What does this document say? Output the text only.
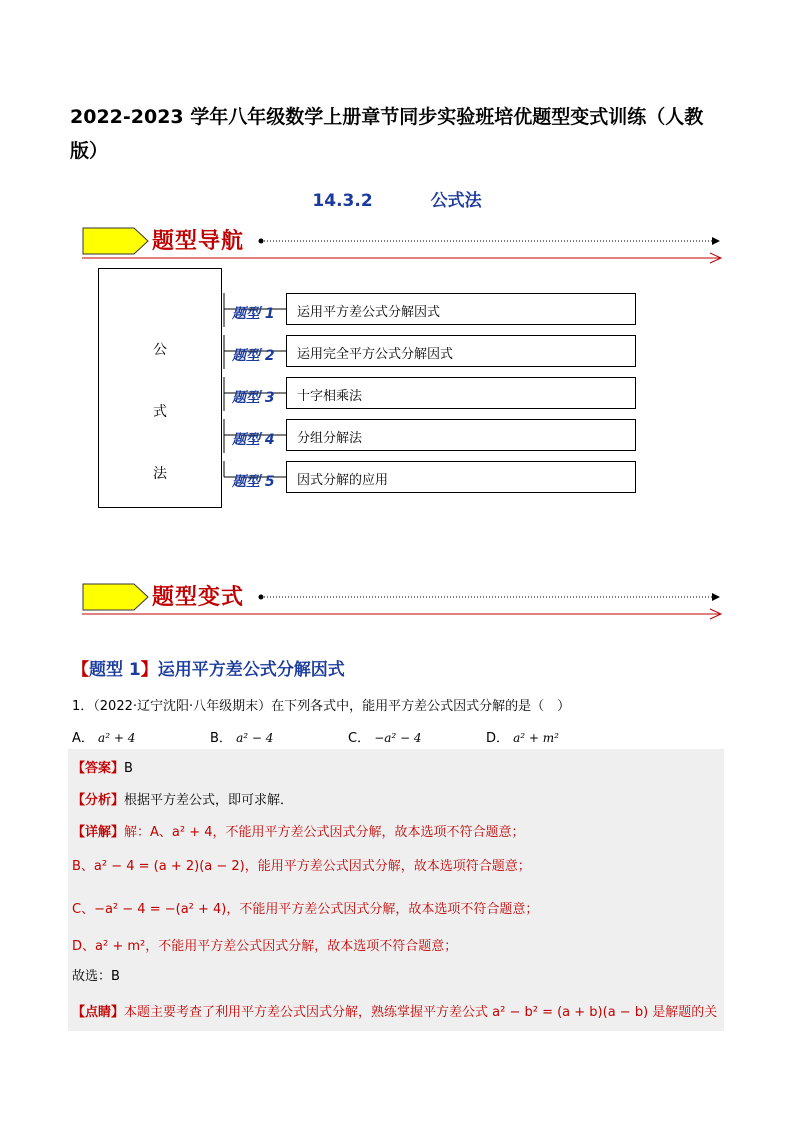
2022-2023 学年八年级数学上册章节同步实验班培优题型变式训练（人教版）
14.3.2	公式法
题型导航
公
式
法
题型 1	运用平方差公式分解因式
题型 2	运用完全平方公式分解因式
题型 3	十字相乘法
题型 4	分组分解法
题型 5	因式分解的应用
题型变式
【题型 1】运用平方差公式分解因式
1．（2022·辽宁沈阳·八年级期末）在下列各式中，能用平方差公式因式分解的是（　）
A． a² + 4	B． a² − 4	C． −a² − 4	D． a² + m²
【答案】B
【分析】根据平方差公式，即可求解．
【详解】解：A、a² + 4，不能用平方差公式因式分解，故本选项不符合题意；
B、a² − 4 = (a + 2)(a − 2)，能用平方差公式因式分解，故本选项符合题意；
C、−a² − 4 = −(a² + 4)，不能用平方差公式因式分解，故本选项不符合题意；
D、a² + m²，不能用平方差公式因式分解，故本选项不符合题意；
故选：B
【点睛】本题主要考查了利用平方差公式因式分解，熟练掌握平方差公式 a² − b² = (a + b)(a − b) 是解题的关
